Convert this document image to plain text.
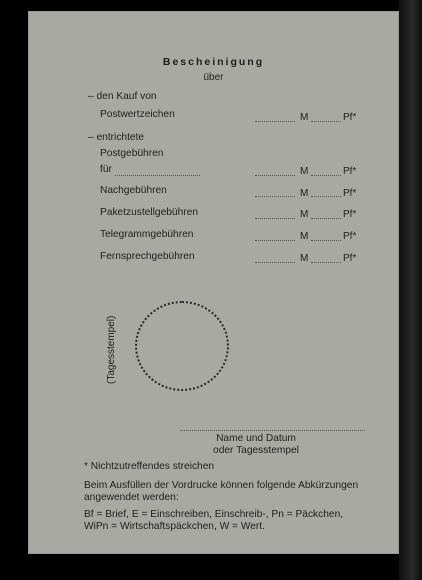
Bescheinigung
über
– den Kauf von
Postwertzeichen	M	Pf*
– entrichtete
Postgebühren
für	M	Pf*
Nachgebühren	M	Pf*
Paketzustellgebühren	M	Pf*
Telegrammgebühren	M	Pf*
Fernsprechgebühren	M	Pf*
(Tagesstempel)
Name und Datum
oder Tagesstempel
* Nichtzutreffendes streichen
Beim Ausfüllen der Vordrucke können folgende Abkürzungen
angewendet werden:
Bf = Brief, E = Einschreiben, Einschreib-, Pn = Päckchen,
WiPn = Wirtschaftspäckchen, W = Wert.
